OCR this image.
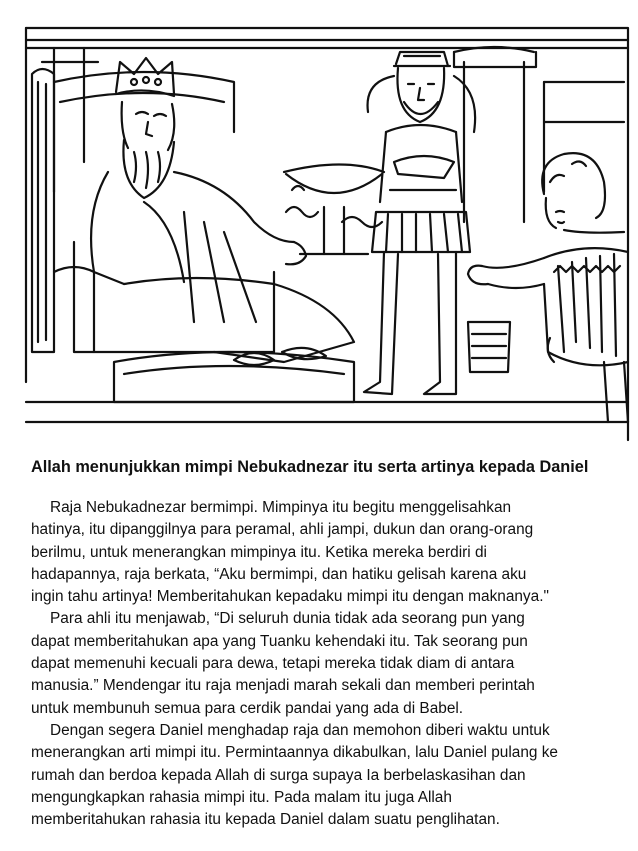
Allah menunjukkan mimpi Nebukadnezar itu serta artinya kepada Daniel
Raja Nebukadnezar bermimpi. Mimpinya itu begitu menggelisahkan
hatinya, itu dipanggilnya para peramal, ahli jampi, dukun dan orang-orang
berilmu, untuk menerangkan mimpinya itu. Ketika mereka berdiri di
hadapannya, raja berkata, “Aku bermimpi, dan hatiku gelisah karena aku
ingin tahu artinya! Memberitahukan kepadaku mimpi itu dengan maknanya."
Para ahli itu menjawab, “Di seluruh dunia tidak ada seorang pun yang
dapat memberitahukan apa yang Tuanku kehendaki itu. Tak seorang pun
dapat memenuhi kecuali para dewa, tetapi mereka tidak diam di antara
manusia.” Mendengar itu raja menjadi marah sekali dan memberi perintah
untuk membunuh semua para cerdik pandai yang ada di Babel.
Dengan segera Daniel menghadap raja dan memohon diberi waktu untuk
menerangkan arti mimpi itu. Permintaannya dikabulkan, lalu Daniel pulang ke
rumah dan berdoa kepada Allah di surga supaya Ia berbelaskasihan dan
mengungkapkan rahasia mimpi itu. Pada malam itu juga Allah
memberitahukan rahasia itu kepada Daniel dalam suatu penglihatan.
